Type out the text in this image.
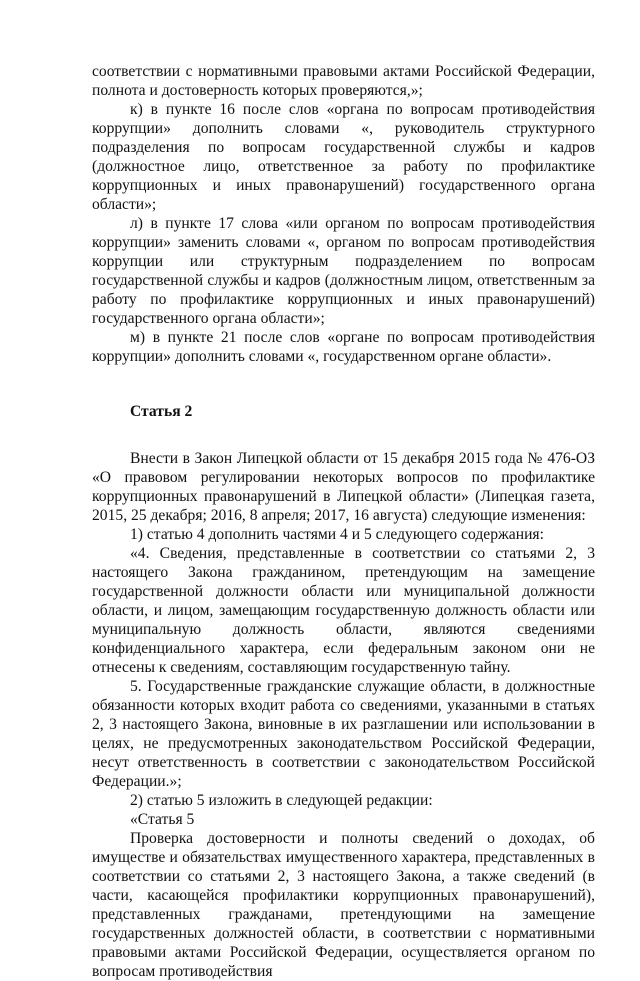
соответствии с нормативными правовыми актами Российской Федерации, полнота и достоверность которых проверяются,»;

к) в пункте 16 после слов «органа по вопросам противодействия коррупции» дополнить словами «, руководитель структурного подразделения по вопросам государственной службы и кадров (должностное лицо, ответственное за работу по профилактике коррупционных и иных правонарушений) государственного органа области»;

л) в пункте 17 слова «или органом по вопросам противодействия коррупции» заменить словами «, органом по вопросам противодействия коррупции или структурным подразделением по вопросам государственной службы и кадров (должностным лицом, ответственным за работу по профилактике коррупционных и иных правонарушений) государственного органа области»;

м) в пункте 21 после слов «органе по вопросам противодействия коррупции» дополнить словами «, государственном органе области».

Статья 2

Внести в Закон Липецкой области от 15 декабря 2015 года № 476-ОЗ «О правовом регулировании некоторых вопросов по профилактике коррупционных правонарушений в Липецкой области» (Липецкая газета, 2015, 25 декабря; 2016, 8 апреля; 2017, 16 августа) следующие изменения:

1) статью 4 дополнить частями 4 и 5 следующего содержания:

«4. Сведения, представленные в соответствии со статьями 2, 3 настоящего Закона гражданином, претендующим на замещение государственной должности области или муниципальной должности области, и лицом, замещающим государственную должность области или муниципальную должность области, являются сведениями конфиденциального характера, если федеральным законом они не отнесены к сведениям, составляющим государственную тайну.

5. Государственные гражданские служащие области, в должностные обязанности которых входит работа со сведениями, указанными в статьях 2, 3 настоящего Закона, виновные в их разглашении или использовании в целях, не предусмотренных законодательством Российской Федерации, несут ответственность в соответствии с законодательством Российской Федерации.»;

2) статью 5 изложить в следующей редакции:

«Статья 5

Проверка достоверности и полноты сведений о доходах, об имуществе и обязательствах имущественного характера, представленных в соответствии со статьями 2, 3 настоящего Закона, а также сведений (в части, касающейся профилактики коррупционных правонарушений), представленных гражданами, претендующими на замещение государственных должностей области, в соответствии с нормативными правовыми актами Российской Федерации, осуществляется органом по вопросам противодействия
